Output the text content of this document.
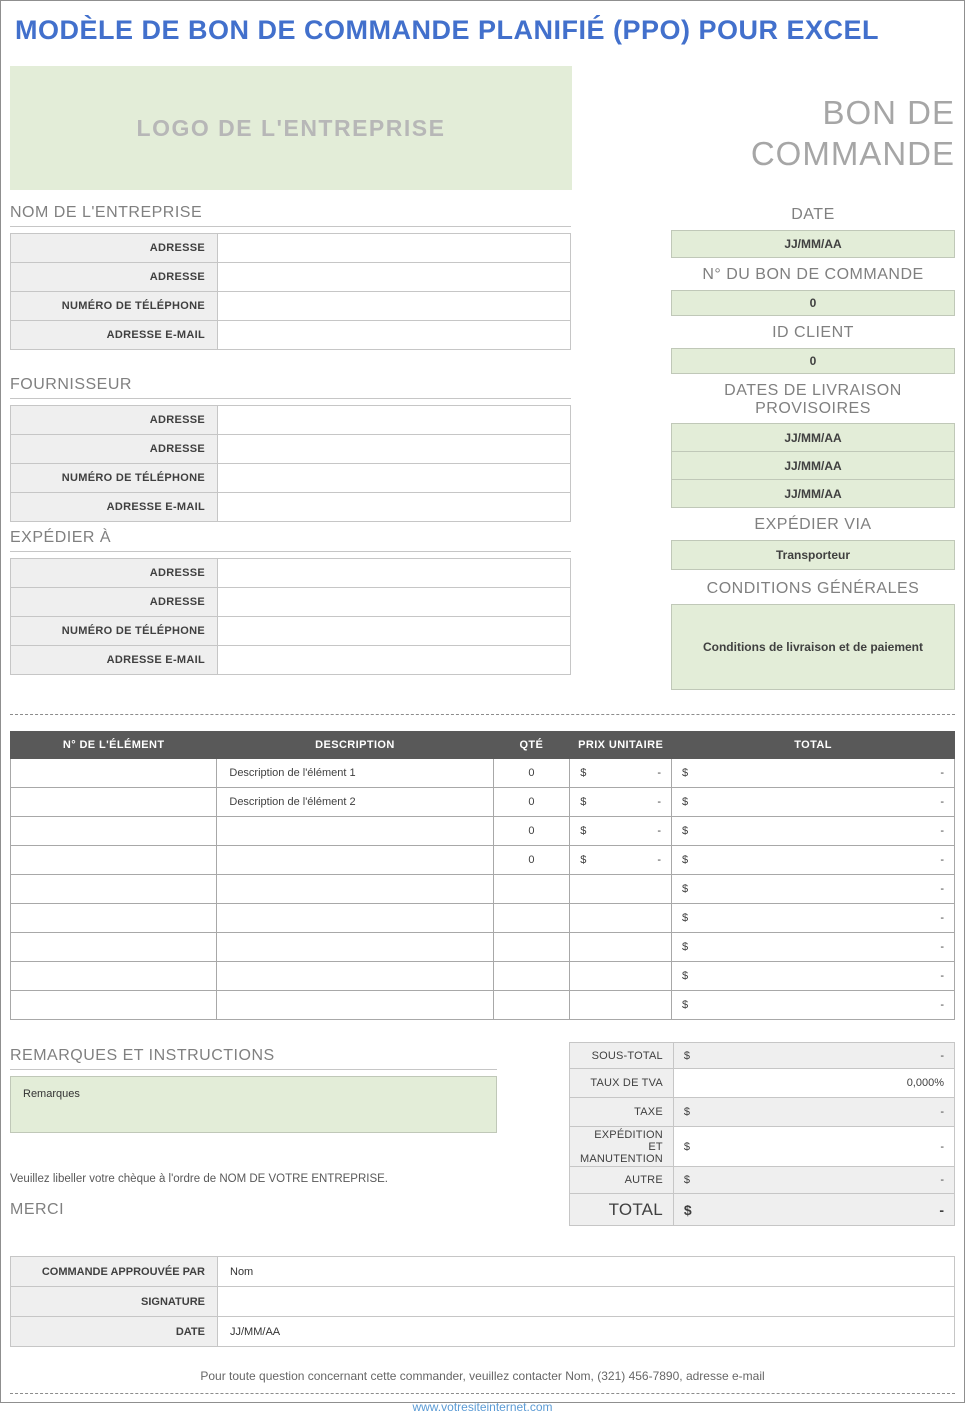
MODÈLE DE BON DE COMMANDE PLANIFIÉ (PPO) POUR EXCEL
LOGO DE L'ENTREPRISE	BON DE
COMMANDE
NOM DE L'ENTREPRISE
ADRESSE	
ADRESSE	
NUMÉRO DE TÉLÉPHONE	
ADRESSE E-MAIL	
FOURNISSEUR
ADRESSE	
ADRESSE	
NUMÉRO DE TÉLÉPHONE	
ADRESSE E-MAIL	
EXPÉDIER À
ADRESSE	
ADRESSE	
NUMÉRO DE TÉLÉPHONE	
ADRESSE E-MAIL	
DATE
JJ/MM/AA
N° DU BON DE COMMANDE
0
ID CLIENT
0
DATES DE LIVRAISON PROVISOIRES
JJ/MM/AA
JJ/MM/AA
JJ/MM/AA
EXPÉDIER VIA
Transporteur
CONDITIONS GÉNÉRALES
Conditions de livraison et de paiement
N° DE L'ÉLÉMENT	DESCRIPTION	QTÉ	PRIX UNITAIRE	TOTAL
	Description de l'élément 1	0	$ -	$ -

	Description de l'élément 2	0	$ -	$ -

		0	$ -	$ -

		0	$ -	$ -

				$ -

				$ -

				$ -

				$ -

				$ -
REMARQUES ET INSTRUCTIONS
Remarques
Veuillez libeller votre chèque à l'ordre de NOM DE VOTRE ENTREPRISE.
MERCI
SOUS-TOTAL	$ -

TAUX DE TVA	0,000%
TAXE	$ -

EXPÉDITION ET MANUTENTION	$ -

AUTRE	$ -

TOTAL	$ -
COMMANDE APPROUVÉE PAR	Nom
SIGNATURE	
DATE	JJ/MM/AA
Pour toute question concernant cette commander, veuillez contacter Nom, (321) 456-7890, adresse e-mail
www.votresiteinternet.com
